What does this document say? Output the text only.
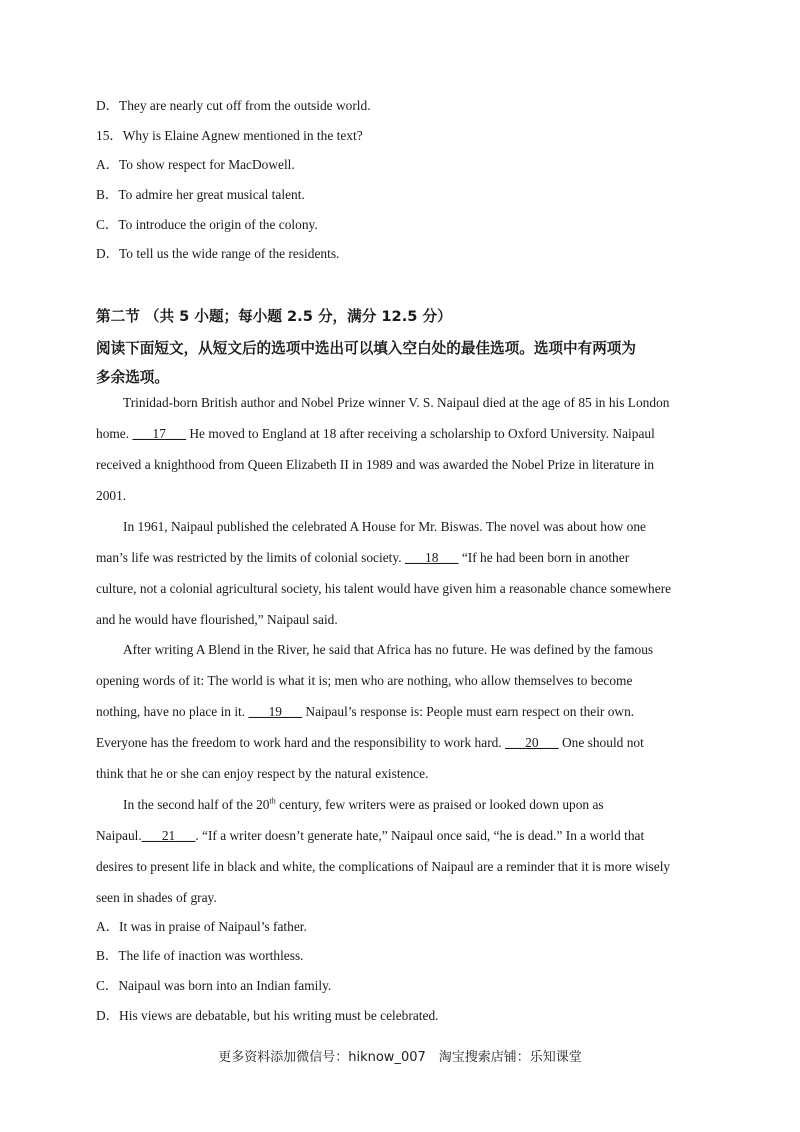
D．They are nearly cut off from the outside world.
15．Why is Elaine Agnew mentioned in the text?
A．To show respect for MacDowell.
B．To admire her great musical talent.
C．To introduce the origin of the colony.
D．To tell us the wide range of the residents.
第二节 （共 5 小题；每小题 2.5 分，满分 12.5 分）
阅读下面短文，从短文后的选项中选出可以填入空白处的最佳选项。选项中有两项为
多余选项。
Trinidad-born British author and Nobel Prize winner V. S. Naipaul died at the age of 85 in his London
home. ___17___ He moved to England at 18 after receiving a scholarship to Oxford University. Naipaul
received a knighthood from Queen Elizabeth II in 1989 and was awarded the Nobel Prize in literature in
2001.
In 1961, Naipaul published the celebrated A House for Mr. Biswas. The novel was about how one
man’s life was restricted by the limits of colonial society. ___18___ “If he had been born in another
culture, not a colonial agricultural society, his talent would have given him a reasonable chance somewhere
and he would have flourished,” Naipaul said.
After writing A Blend in the River, he said that Africa has no future. He was defined by the famous
opening words of it: The world is what it is; men who are nothing, who allow themselves to become
nothing, have no place in it. ___19___ Naipaul’s response is: People must earn respect on their own.
Everyone has the freedom to work hard and the responsibility to work hard. ___20___ One should not
think that he or she can enjoy respect by the natural existence.
In the second half of the 20th century, few writers were as praised or looked down upon as
Naipaul.___21___. “If a writer doesn’t generate hate,” Naipaul once said, “he is dead.” In a world that
desires to present life in black and white, the complications of Naipaul are a reminder that it is more wisely
seen in shades of gray.
A．It was in praise of Naipaul’s father.
B．The life of inaction was worthless.
C．Naipaul was born into an Indian family.
D．His views are debatable, but his writing must be celebrated.
更多资料添加微信号：hiknow_007　淘宝搜索店铺：乐知课堂
